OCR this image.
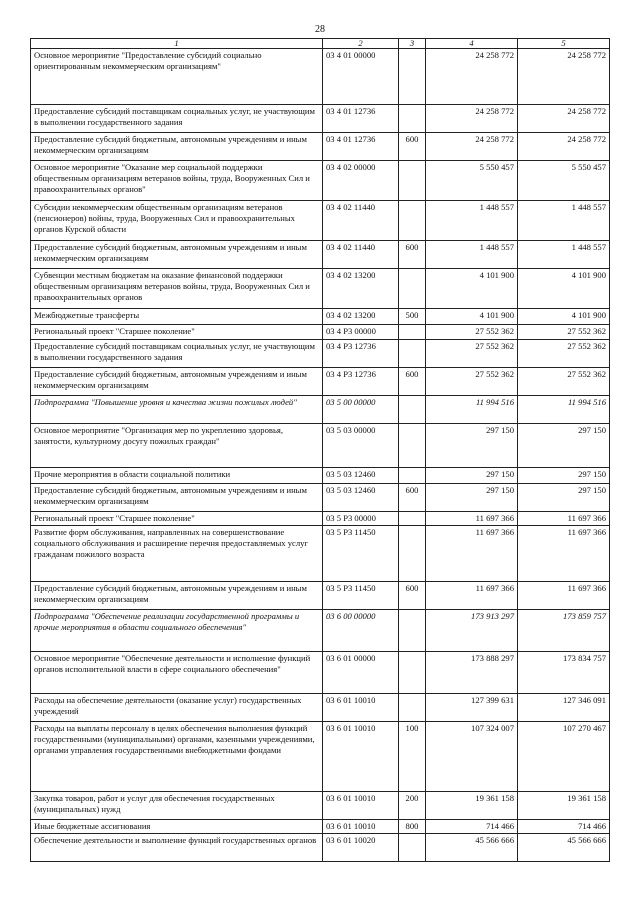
28
1	2	3	4	5
Основное мероприятие "Предоставление субсидий социально ориентированным некоммерческим организациям"	03 4 01 00000		24 258 772	24 258 772
Предоставление субсидий поставщикам социальных услуг, не участвующим в выполнении государственного задания	03 4 01 12736		24 258 772	24 258 772
Предоставление субсидий бюджетным, автономным учреждениям и иным некоммерческим организациям	03 4 01 12736	600	24 258 772	24 258 772
Основное мероприятие "Оказание мер социальной поддержки общественным организациям ветеранов войны, труда, Вооруженных Сил и правоохранительных органов"	03 4 02 00000		5 550 457	5 550 457
Субсидии некоммерческим общественным организациям ветеранов (пенсионеров) войны, труда, Вооруженных Сил и правоохранительных органов Курской области	03 4 02 11440		1 448 557	1 448 557
Предоставление субсидий бюджетным, автономным учреждениям и иным некоммерческим организациям	03 4 02 11440	600	1 448 557	1 448 557
Субвенции местным бюджетам на оказание финансовой поддержки общественным организациям ветеранов войны, труда, Вооруженных Сил и правоохранительных органов	03 4 02 13200		4 101 900	4 101 900
Межбюджетные трансферты	03 4 02 13200	500	4 101 900	4 101 900
Региональный проект "Старшее поколение"	03 4 P3 00000		27 552 362	27 552 362
Предоставление субсидий поставщикам социальных услуг, не участвующим в выполнении государственного задания	03 4 P3 12736		27 552 362	27 552 362
Предоставление субсидий бюджетным, автономным учреждениям и иным некоммерческим организациям	03 4 P3 12736	600	27 552 362	27 552 362
Подпрограмма "Повышение уровня и качества жизни пожилых людей"	03 5 00 00000		11 994 516	11 994 516
Основное мероприятие "Организация мер по укреплению здоровья, занятости, культурному досугу пожилых граждан"	03 5 03 00000		297 150	297 150
Прочие мероприятия в области социальной политики	03 5 03 12460		297 150	297 150
Предоставление субсидий бюджетным, автономным учреждениям и иным некоммерческим организациям	03 5 03 12460	600	297 150	297 150
Региональный проект "Старшее поколение"	03 5 P3 00000		11 697 366	11 697 366
Развитие форм обслуживания, направленных на совершенствование социального обслуживания и расширение перечня предоставляемых услуг гражданам пожилого возраста	03 5 P3 11450		11 697 366	11 697 366
Предоставление субсидий бюджетным, автономным учреждениям и иным некоммерческим организациям	03 5 P3 11450	600	11 697 366	11 697 366
Подпрограмма "Обеспечение реализации государственной программы и прочие мероприятия в области социального обеспечения"	03 6 00 00000		173 913 297	173 859 757
Основное мероприятие "Обеспечение деятельности и исполнение функций органов исполнительной власти в сфере социального обеспечения"	03 6 01 00000		173 888 297	173 834 757
Расходы на обеспечение деятельности (оказание услуг) государственных учреждений	03 6 01 10010		127 399 631	127 346 091
Расходы на выплаты персоналу в целях обеспечения выполнения функций государственными (муниципальными) органами, казенными учреждениями, органами управления государственными внебюджетными фондами	03 6 01 10010	100	107 324 007	107 270 467
Закупка товаров, работ и услуг для обеспечения государственных (муниципальных) нужд	03 6 01 10010	200	19 361 158	19 361 158
Иные бюджетные ассигнования	03 6 01 10010	800	714 466	714 466
Обеспечение деятельности и выполнение функций государственных органов	03 6 01 10020		45 566 666	45 566 666
